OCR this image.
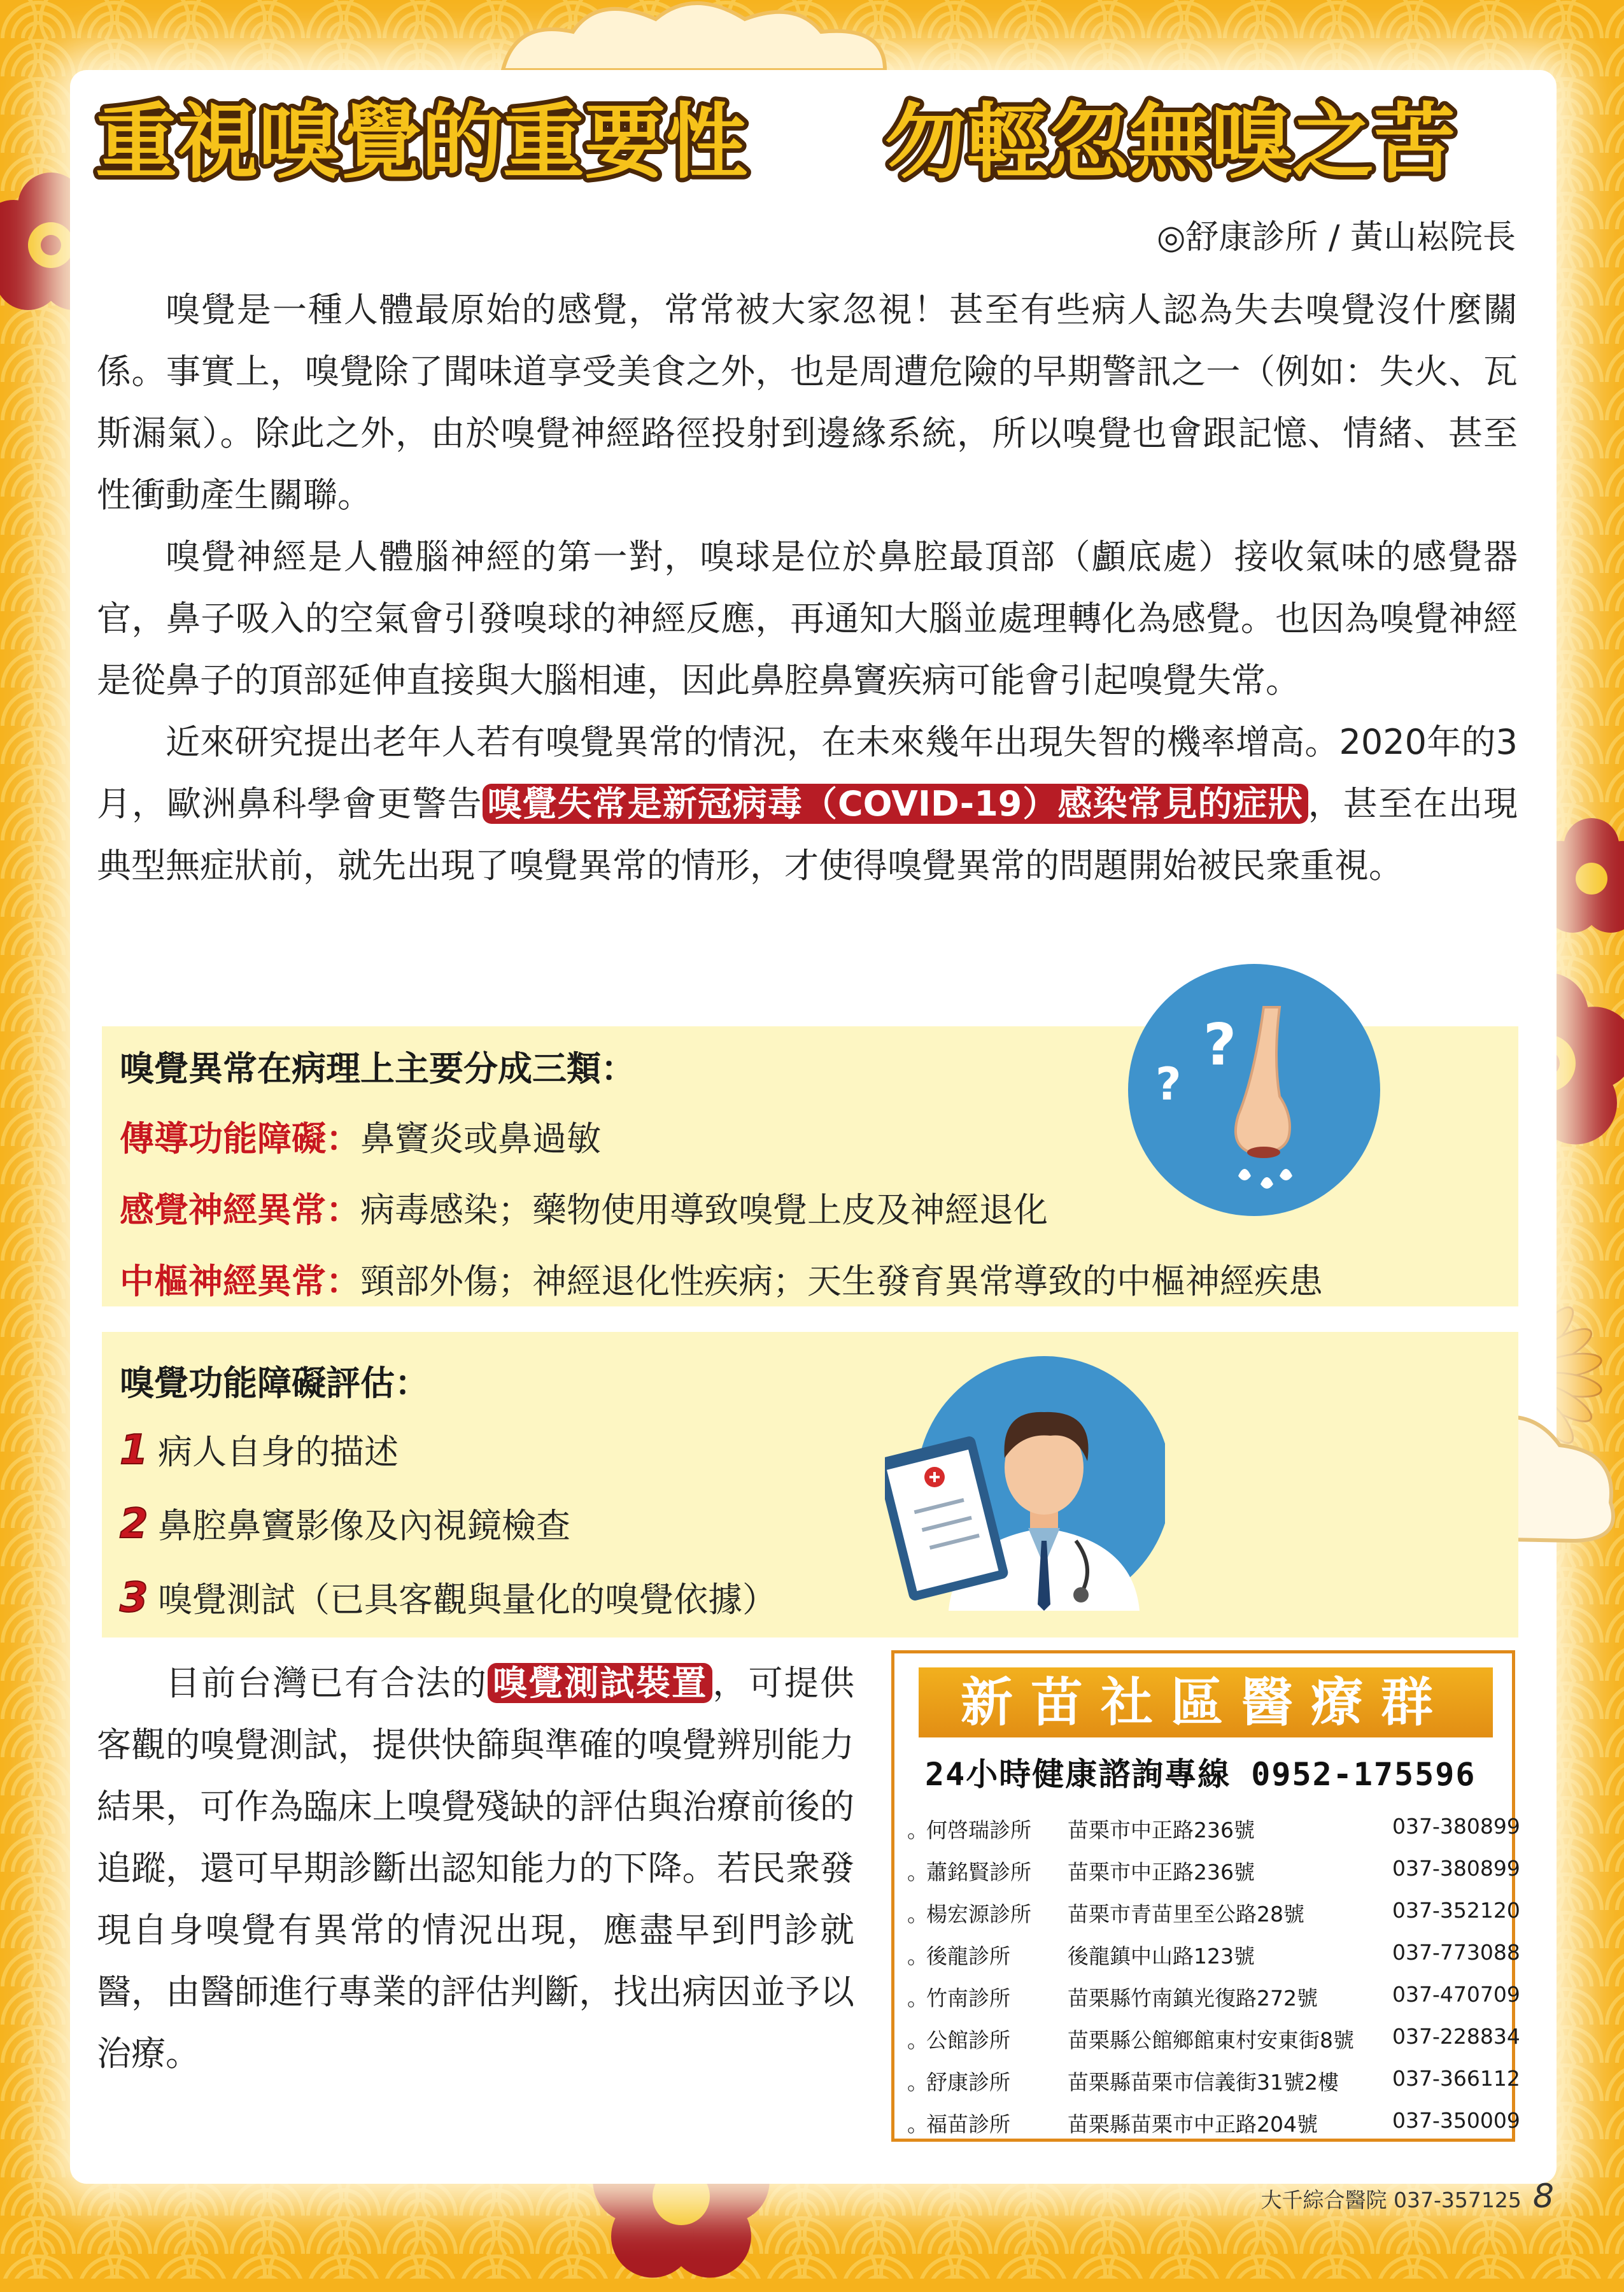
重視嗅覺的重要性 勿輕忽無嗅之苦
◎舒康診所 / 黃山崧院長

嗅覺是一種人體最原始的感覺，常常被大家忽視！甚至有些病人認為失去嗅覺沒什麼關係。事實上，嗅覺除了聞味道享受美食之外，也是周遭危險的早期警訊之一（例如：失火、瓦斯漏氣）。除此之外，由於嗅覺神經路徑投射到邊緣系統，所以嗅覺也會跟記憶、情緒、甚至性衝動產生關聯。

嗅覺神經是人體腦神經的第一對，嗅球是位於鼻腔最頂部（顱底處）接收氣味的感覺器官，鼻子吸入的空氣會引發嗅球的神經反應，再通知大腦並處理轉化為感覺。也因為嗅覺神經是從鼻子的頂部延伸直接與大腦相連，因此鼻腔鼻竇疾病可能會引起嗅覺失常。

近來研究提出老年人若有嗅覺異常的情況，在未來幾年出現失智的機率增高。2020年的3月，歐洲鼻科學會更警告 嗅覺失常是新冠病毒（COVID-19）感染常見的症狀 ，甚至在出現典型無症狀前，就先出現了嗅覺異常的情形，才使得嗅覺異常的問題開始被民衆重視。

嗅覺異常在病理上主要分成三類：
傳導功能障礙：鼻竇炎或鼻過敏
感覺神經異常：病毒感染；藥物使用導致嗅覺上皮及神經退化
中樞神經異常：頸部外傷；神經退化性疾病；天生發育異常導致的中樞神經疾患
?
?
嗅覺功能障礙評估：
1 病人自身的描述
2 鼻腔鼻竇影像及內視鏡檢查
3 嗅覺測試（已具客觀與量化的嗅覺依據）

目前台灣已有合法的 嗅覺測試裝置 ，可提供客觀的嗅覺測試，提供快篩與準確的嗅覺辨別能力結果，可作為臨床上嗅覺殘缺的評估與治療前後的追蹤，還可早期診斷出認知能力的下降。若民衆發現自身嗅覺有異常的情況出現，應盡早到門診就醫，由醫師進行專業的評估判斷，找出病因並予以治療。

新苗社區醫療群
24小時健康諮詢專線 0952-175596
。
何啓瑞診所 苗栗市中正路236號	037-380899
。
蕭銘賢診所 苗栗市中正路236號	037-380899
。
楊宏源診所 苗栗市青苗里至公路28號	037-352120
。
後龍診所	後龍鎮中山路123號	037-773088
。
竹南診所	苗栗縣竹南鎮光復路272號	037-470709
。
公館診所	苗栗縣公館鄉館東村安東街8號 037-228834
。
舒康診所	苗栗縣苗栗市信義街31號2樓	037-366112
。
福苗診所	苗栗縣苗栗市中正路204號	037-350009
大千綜合醫院 037-357125 8
